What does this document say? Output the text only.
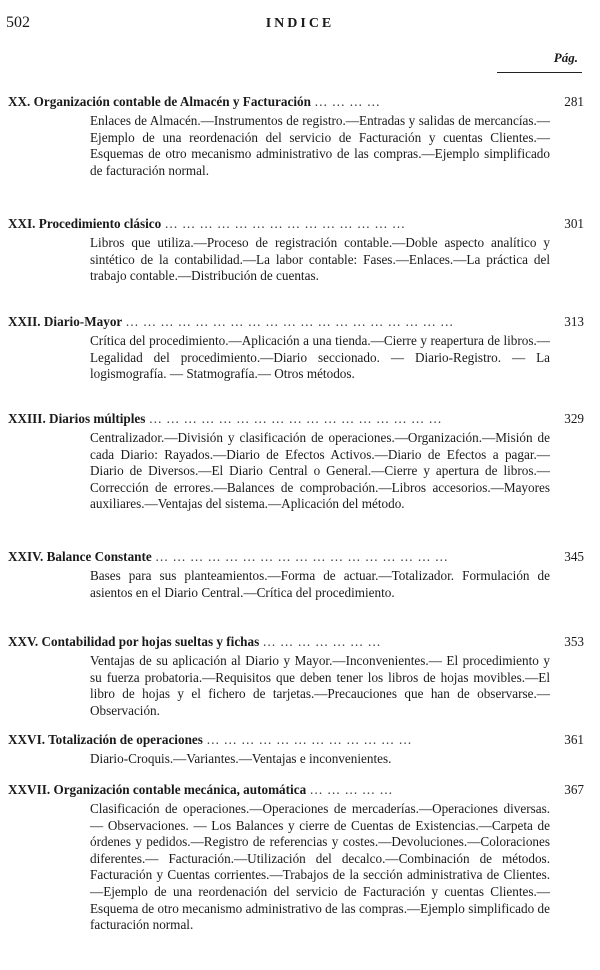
502	INDICE
Pág.
XX. Organización contable de Almacén y Facturación … … … …	281
Enlaces de Almacén.—Instrumentos de registro.—Entradas y salidas de mercancías.—Ejemplo de una reordenación del servicio de Facturación y cuentas Clientes.—Esquemas de otro mecanismo administrativo de las compras.—Ejemplo simplificado de facturación normal.
XXI. Procedimiento clásico … … … … … … … … … … … … … …	301
Libros que utiliza.—Proceso de registración contable.—Doble aspecto analítico y sintético de la contabilidad.—La labor contable: Fases.—Enlaces.—La práctica del trabajo contable.—Distribución de cuentas.
XXII. Diario-Mayor … … … … … … … … … … … … … … … … … … …	313
Crítica del procedimiento.—Aplicación a una tienda.—Cierre y reapertura de libros.—Legalidad del procedimiento.—Diario seccionado. — Diario-Registro. — La logismografía. — Statmografía.— Otros métodos.
XXIII. Diarios múltiples … … … … … … … … … … … … … … … … …	329
Centralizador.—División y clasificación de operaciones.—Organización.—Misión de cada Diario: Rayados.—Diario de Efectos Activos.—Diario de Efectos a pagar.—Diario de Diversos.—El Diario Central o General.—Cierre y apertura de libros.—Corrección de errores.—Balances de comprobación.—Libros accesorios.—Mayores auxiliares.—Ventajas del sistema.—Aplicación del método.
XXIV. Balance Constante … … … … … … … … … … … … … … … … …	345
Bases para sus planteamientos.—Forma de actuar.—Totalizador. Formulación de asientos en el Diario Central.—Crítica del procedimiento.
XXV. Contabilidad por hojas sueltas y fichas … … … … … … …	353
Ventajas de su aplicación al Diario y Mayor.—Inconvenientes.— El procedimiento y su fuerza probatoria.—Requisitos que deben tener los libros de hojas movibles.—El libro de hojas y el fichero de tarjetas.—Precauciones que han de observarse.—Observación.
XXVI. Totalización de operaciones … … … … … … … … … … … …	361
Diario-Croquis.—Variantes.—Ventajas e inconvenientes.
XXVII. Organización contable mecánica, automática … … … … …	367
Clasificación de operaciones.—Operaciones de mercaderías.—Operaciones diversas. — Observaciones. — Los Balances y cierre de Cuentas de Existencias.—Carpeta de órdenes y pedidos.—Registro de referencias y costes.—Devoluciones.—Coloraciones diferentes.— Facturación.—Utilización del decalco.—Combinación de métodos. Facturación y Cuentas corrientes.—Trabajos de la sección administrativa de Clientes.—Ejemplo de una reordenación del servicio de Facturación y cuentas Clientes.—Esquema de otro mecanismo administrativo de las compras.—Ejemplo simplificado de facturación normal.
